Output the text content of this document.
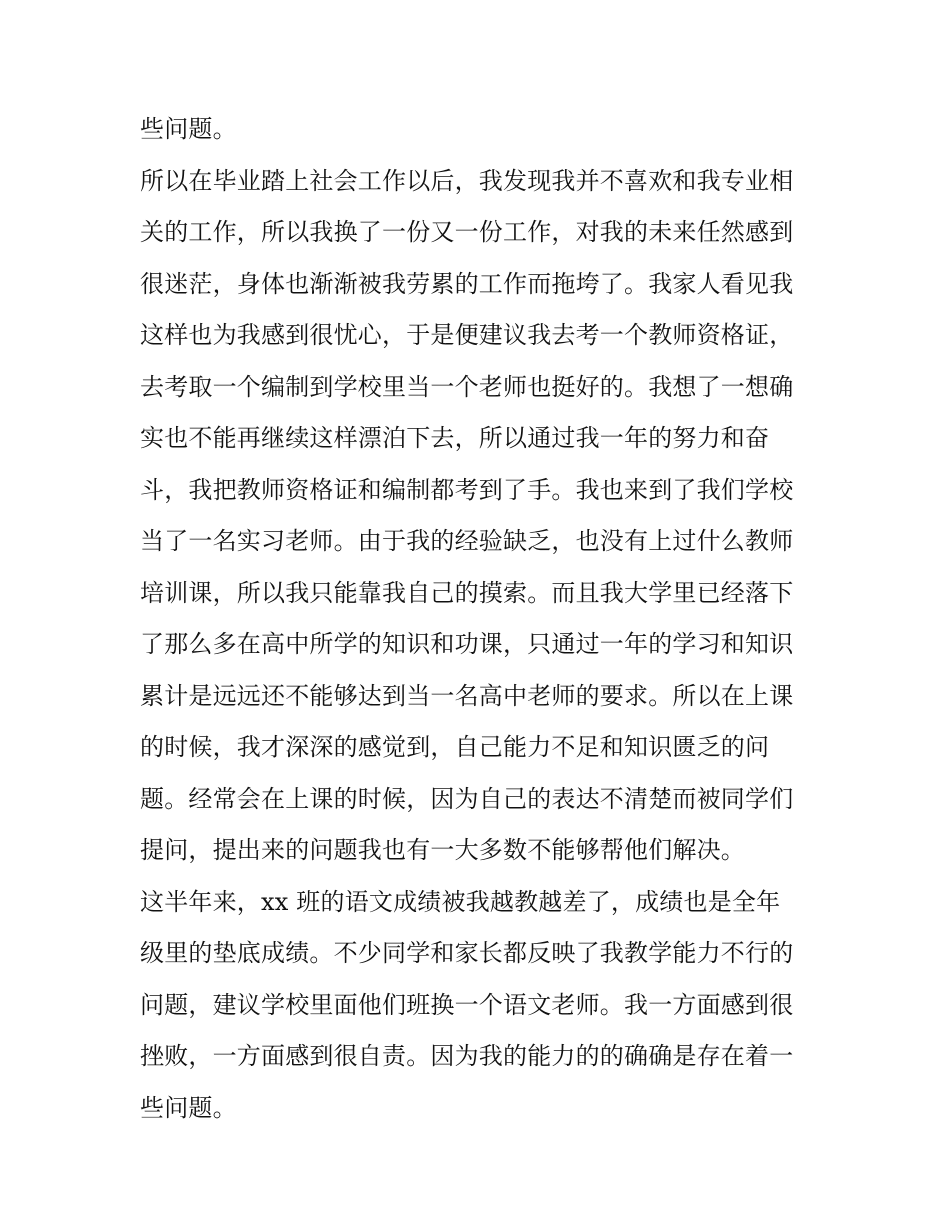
些问题。
所以在毕业踏上社会工作以后，我发现我并不喜欢和我专业相
关的工作，所以我换了一份又一份工作，对我的未来任然感到
很迷茫，身体也渐渐被我劳累的工作而拖垮了。我家人看见我
这样也为我感到很忧心，于是便建议我去考一个教师资格证，
去考取一个编制到学校里当一个老师也挺好的。我想了一想确
实也不能再继续这样漂泊下去，所以通过我一年的努力和奋
斗，我把教师资格证和编制都考到了手。我也来到了我们学校
当了一名实习老师。由于我的经验缺乏，也没有上过什么教师
培训课，所以我只能靠我自己的摸索。而且我大学里已经落下
了那么多在高中所学的知识和功课，只通过一年的学习和知识
累计是远远还不能够达到当一名高中老师的要求。所以在上课
的时候，我才深深的感觉到，自己能力不足和知识匮乏的问
题。经常会在上课的时候，因为自己的表达不清楚而被同学们
提问，提出来的问题我也有一大多数不能够帮他们解决。
这半年来，xx 班的语文成绩被我越教越差了，成绩也是全年
级里的垫底成绩。不少同学和家长都反映了我教学能力不行的
问题，建议学校里面他们班换一个语文老师。我一方面感到很
挫败，一方面感到很自责。因为我的能力的的确确是存在着一
些问题。
